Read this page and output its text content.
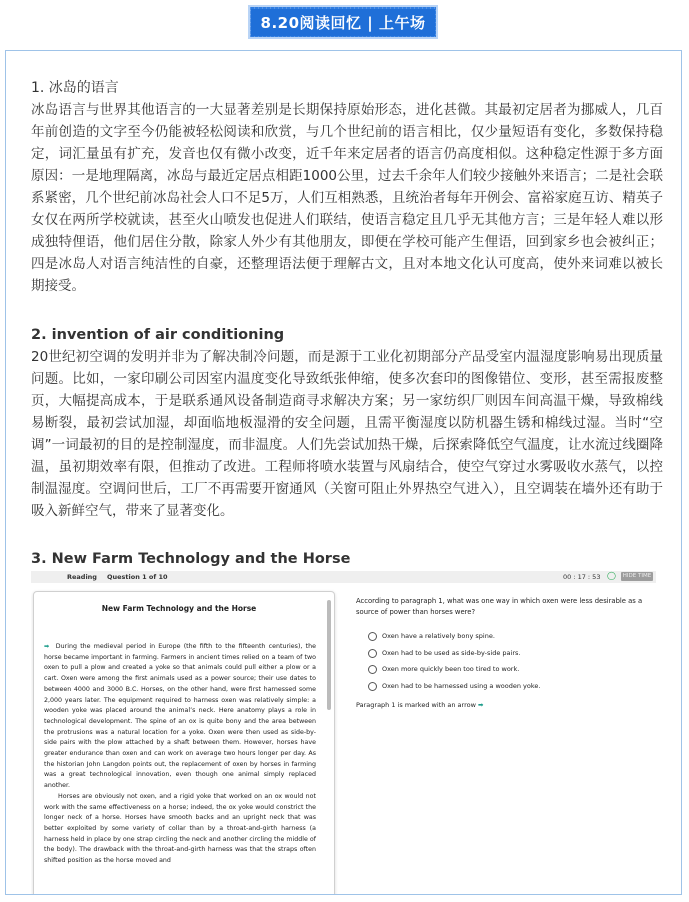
8.20阅读回忆 | 上午场
1. 冰岛的语言

冰岛语言与世界其他语言的一大显著差别是长期保持原始形态，进化甚微。其最初定居者为挪威人，几百年前创造的文字至今仍能被轻松阅读和欣赏，与几个世纪前的语言相比，仅少量短语有变化，多数保持稳定，词汇量虽有扩充，发音也仅有微小改变，近千年来定居者的语言仍高度相似。这种稳定性源于多方面原因：一是地理隔离，冰岛与最近定居点相距1000公里，过去千余年人们较少接触外来语言；二是社会联系紧密，几个世纪前冰岛社会人口不足5万，人们互相熟悉，且统治者每年开例会、富裕家庭互访、精英子女仅在两所学校就读，甚至火山喷发也促进人们联结，使语言稳定且几乎无其他方言；三是年轻人难以形成独特俚语，他们居住分散，除家人外少有其他朋友，即便在学校可能产生俚语，回到家乡也会被纠正；四是冰岛人对语言纯洁性的自豪，还整理语法便于理解古文，且对本地文化认可度高，使外来词难以被长期接受。

2. invention of air conditioning

20世纪初空调的发明并非为了解决制冷问题，而是源于工业化初期部分产品受室内温湿度影响易出现质量问题。比如，一家印刷公司因室内温度变化导致纸张伸缩，使多次套印的图像错位、变形，甚至需报废整页，大幅提高成本，于是联系通风设备制造商寻求解决方案；另一家纺织厂则因车间高温干燥，导致棉线易断裂，最初尝试加湿，却面临地板湿滑的安全问题，且需平衡湿度以防机器生锈和棉线过湿。当时“空调”一词最初的目的是控制湿度，而非温度。人们先尝试加热干燥，后探索降低空气温度，让水流过线圈降温，虽初期效率有限，但推动了改进。工程师将喷水装置与风扇结合，使空气穿过水雾吸收水蒸气，以控制温湿度。空调问世后，工厂不再需要开窗通风（关窗可阻止外界热空气进入），且空调装在墙外还有助于吸入新鲜空气，带来了显著变化。

3. New Farm Technology and the Horse
Reading Question 1 of 10	00 : 17 : 53 ◯	HIDE TIME
New Farm Technology and the Horse

➡ During the medieval period in Europe (the fifth to the fifteenth centuries), the horse became important in farming. Farmers in ancient times relied on a team of two oxen to pull a plow and created a yoke so that animals could pull either a plow or a cart. Oxen were among the first animals used as a power source; their use dates to between 4000 and 3000 B.C. Horses, on the other hand, were first harnessed some 2,000 years later. The equipment required to harness oxen was relatively simple: a wooden yoke was placed around the animal’s neck. Here anatomy plays a role in technological development. The spine of an ox is quite bony and the area between the protrusions was a natural location for a yoke. Oxen were then used as side-by-side pairs with the plow attached by a shaft between them. However, horses have greater endurance than oxen and can work on average two hours longer per day. As the historian John Langdon points out, the replacement of oxen by horses in farming was a great technological innovation, even though one animal simply replaced another.

Horses are obviously not oxen, and a rigid yoke that worked on an ox would not work with the same effectiveness on a horse; indeed, the ox yoke would constrict the longer neck of a horse. Horses have smooth backs and an upright neck that was better exploited by some variety of collar than by a throat-and-girth harness (a harness held in place by one strap circling the neck and another circling the middle of the body). The drawback with the throat-and-girth harness was that the straps often shifted position as the horse moved and

According to paragraph 1, what was one way in which oxen were less desirable as a source of power than horses were?
Oxen have a relatively bony spine.
Oxen had to be used as side-by-side pairs.
Oxen more quickly been too tired to work.
Oxen had to be harnessed using a wooden yoke.
Paragraph 1 is marked with an arrow ➡
